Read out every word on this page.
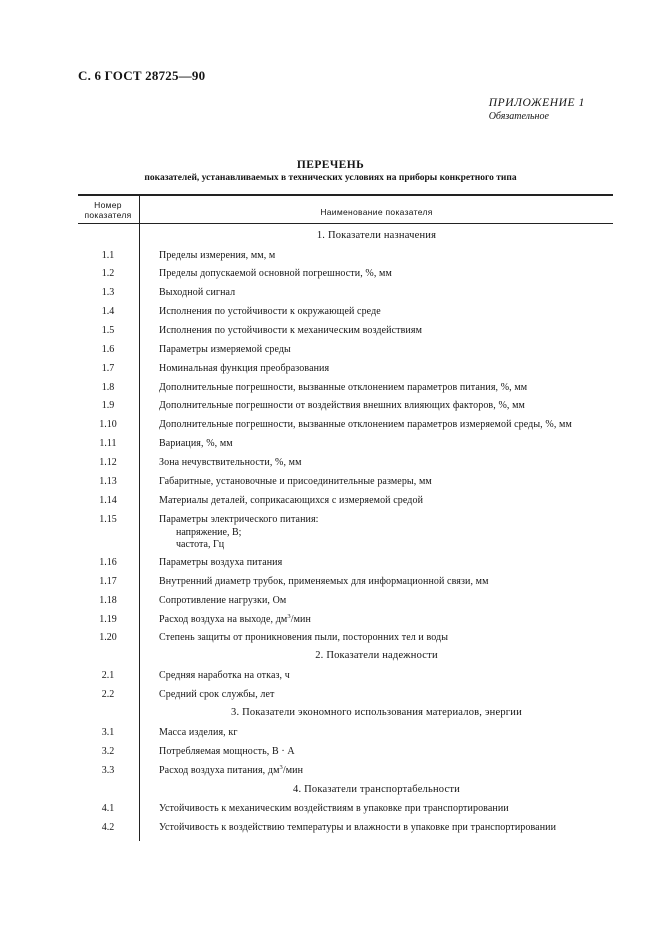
С. 6 ГОСТ 28725—90
ПРИЛОЖЕНИЕ 1
Обязательное
ПЕРЕЧЕНЬ
показателей, устанавливаемых в технических условиях на приборы конкретного типа
Номер
показателя	Наименование показателя
1. Показатели назначения
1.1	Пределы измерения, мм, м
1.2	Пределы допускаемой основной погрешности, %, мм
1.3	Выходной сигнал
1.4	Исполнения по устойчивости к окружающей среде
1.5	Исполнения по устойчивости к механическим воздействиям
1.6	Параметры измеряемой среды
1.7	Номинальная функция преобразования
1.8	Дополнительные погрешности, вызванные отклонением параметров питания, %, мм
1.9	Дополнительные погрешности от воздействия внешних влияющих факторов, %, мм
1.10	Дополнительные погрешности, вызванные отклонением параметров измеряемой среды, %, мм
1.11	Вариация, %, мм
1.12	Зона нечувствительности, %, мм
1.13	Габаритные, установочные и присоединительные размеры, мм
1.14	Материалы деталей, соприкасающихся с измеряемой средой
1.15	Параметры электрического питания:
напряжение, В;
частота, Гц
1.16	Параметры воздуха питания
1.17	Внутренний диаметр трубок, применяемых для информационной связи, мм
1.18	Сопротивление нагрузки, Ом
1.19	Расход воздуха на выходе, $дм^3$/мин
1.20	Степень защиты от проникновения пыли, посторонних тел и воды
2. Показатели надежности
2.1	Средняя наработка на отказ, ч
2.2	Средний срок службы, лет
3. Показатели экономного использования материалов, энергии
3.1	Масса изделия, кг
3.2	Потребляемая мощность, В · А
3.3	Расход воздуха питания, $дм^3$/мин
4. Показатели транспортабельности
4.1	Устойчивость к механическим воздействиям в упаковке при транспортировании
4.2	Устойчивость к воздействию температуры и влажности в упаковке при транспортировании
